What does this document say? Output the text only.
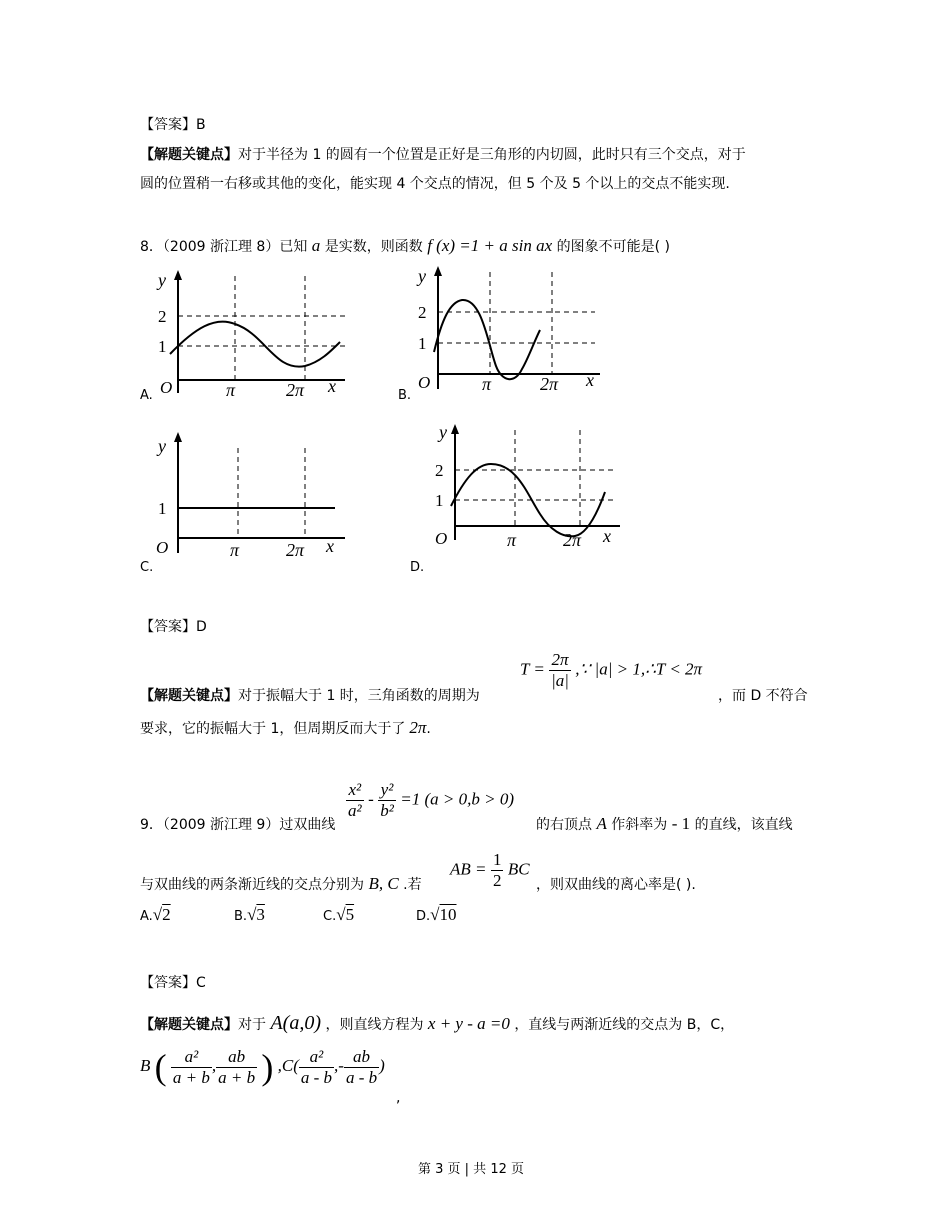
【答案】B
【解题关键点】对于半径为 1 的圆有一个位置是正好是三角形的内切圆，此时只有三个交点，对于
圆的位置稍一右移或其他的变化，能实现 4 个交点的情况，但 5 个及 5 个以上的交点不能实现.
8．（2009 浙江理 8）已知 a 是实数，则函数 f (x) =1 + a sin ax 的图象不可能是( )
y
2
1
O	π	2π x
A.
y
2
1
O	π	2π x
B.
y
1
O	π	2π x
C.
y
2
1
O	π	2π x
D.
【答案】D
$T = \frac{2\pi}{|a|}$ ,∵ |a| > 1,∴T < 2π
【解题关键点】对于振幅大于 1 时，三角函数的周期为	，而 D 不符合
要求，它的振幅大于 1，但周期反而大于了 2π.
9．（2009 浙江理 9）过双曲线
$\frac{\text{x²}}{\text{a²}} - \frac{\text{y²}}{\text{b²}} =1$ (a > 0,b > 0)
的右顶点 A 作斜率为 - 1 的直线，该直线
与双曲线的两条渐近线的交点分别为 B, C .若
AB = $\frac{1}{2}$ BC
，则双曲线的离心率是( ).
A.√2	B.√3	C.√5	D.√10
【答案】C
【解题关键点】对于 A(a,0) ，则直线方程为 x + y - a =0 ，直线与两渐近线的交点为 B，C，
B ( $\frac{\text{a²}}{a + b}$ , $\frac{ab}{a + b}$ ) $,C( \frac{\text{a²}}{a - b}$ ,- $\frac{ab}{a - b}$ )
,
第 3 页 | 共 12 页
